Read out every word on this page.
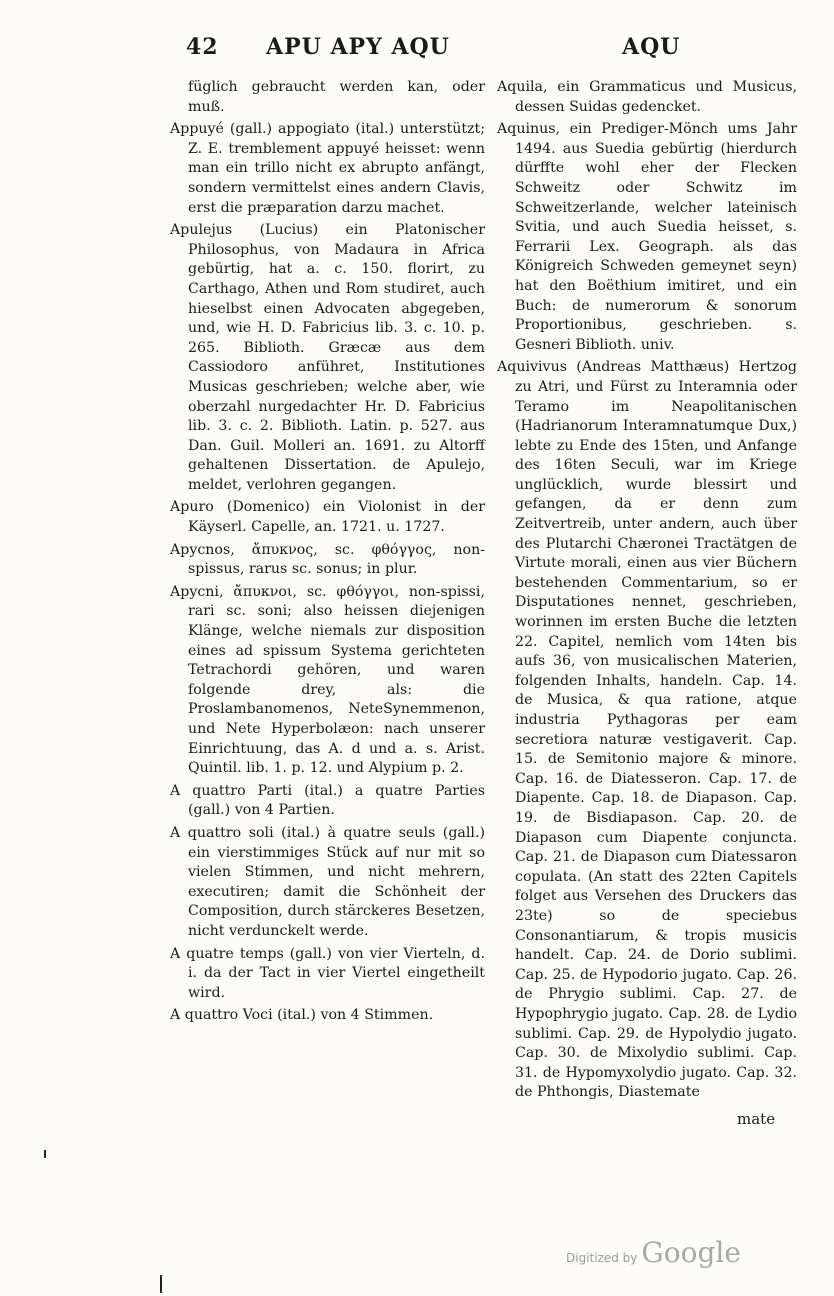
42 APU APY AQU	AQU

füglich gebraucht werden kan, oder muß.

Appuyé (gall.) appogiato (ital.) unterstützt; Z. E. tremblement appuyé heisset: wenn man ein trillo nicht ex abrupto anfängt, sondern vermittelst eines andern Clavis, erst die præparation darzu machet.

Apulejus (Lucius) ein Platonischer Philosophus, von Madaura in Africa gebürtig, hat a. c. 150. florirt, zu Carthago, Athen und Rom studiret, auch hieselbst einen Advocaten abgegeben, und, wie H. D. Fabricius lib. 3. c. 10. p. 265. Biblioth. Græcæ aus dem Cassiodoro anführet, Institutiones Musicas geschrieben; welche aber, wie oberzahl nurgedachter Hr. D. Fabricius lib. 3. c. 2. Biblioth. Latin. p. 527. aus Dan. Guil. Molleri an. 1691. zu Altorff gehaltenen Dissertation. de Apulejo, meldet, verlohren gegangen.

Apuro (Domenico) ein Violonist in der Käyserl. Capelle, an. 1721. u. 1727.

Apycnos, ἄπυκνος, sc. φθόγγος, non-spissus, rarus sc. sonus; in plur.

Apycni, ἄπυκνοι, sc. φθόγγοι, non-spissi, rari sc. soni; also heissen diejenigen Klänge, welche niemals zur disposition eines ad spissum Systema gerichteten Tetrachordi gehören, und waren folgende drey, als: die Proslambanomenos, NeteSynemmenon, und Nete Hyperbolæon: nach unserer Einrichtuung, das A. d und a. s. Arist. Quintil. lib. 1. p. 12. und Alypium p. 2.

A quattro Parti (ital.) a quatre Parties (gall.) von 4 Partien.

A quattro soli (ital.) à quatre seuls (gall.) ein vierstimmiges Stück auf nur mit so vielen Stimmen, und nicht mehrern, executiren; damit die Schönheit der Composition, durch stärckeres Besetzen, nicht verdunckelt werde.

A quatre temps (gall.) von vier Vierteln, d. i. da der Tact in vier Viertel eingetheilt wird.

A quattro Voci (ital.) von 4 Stimmen.

Aquila, ein Grammaticus und Musicus, dessen Suidas gedencket.

Aquinus, ein Prediger-Mönch ums Jahr 1494. aus Suedia gebürtig (hierdurch dürffte wohl eher der Flecken Schweitz oder Schwitz im Schweitzerlande, welcher lateinisch Svitia, und auch Suedia heisset, s. Ferrarii Lex. Geograph. als das Königreich Schweden gemeynet seyn) hat den Boëthium imitiret, und ein Buch: de numerorum & sonorum Proportionibus, geschrieben. s. Gesneri Biblioth. univ.

Aquivivus (Andreas Matthæus) Hertzog zu Atri, und Fürst zu Interamnia oder Teramo im Neapolitanischen (Hadrianorum Interamnatumque Dux,) lebte zu Ende des 15ten, und Anfange des 16ten Seculi, war im Kriege unglücklich, wurde blessirt und gefangen, da er denn zum Zeitvertreib, unter andern, auch über des Plutarchi Chæronei Tractätgen de Virtute morali, einen aus vier Büchern bestehenden Commentarium, so er Disputationes nennet, geschrieben, worinnen im ersten Buche die letzten 22. Capitel, nemlich vom 14ten bis aufs 36, von musicalischen Materien, folgenden Inhalts, handeln. Cap. 14. de Musica, & qua ratione, atque industria Pythagoras per eam secretiora naturæ vestigaverit. Cap. 15. de Semitonio majore & minore. Cap. 16. de Diatesseron. Cap. 17. de Diapente. Cap. 18. de Diapason. Cap. 19. de Bisdiapason. Cap. 20. de Diapason cum Diapente conjuncta. Cap. 21. de Diapason cum Diatessaron copulata. (An statt des 22ten Capitels folget aus Versehen des Druckers das 23te) so de speciebus Consonantiarum, & tropis musicis handelt. Cap. 24. de Dorio sublimi. Cap. 25. de Hypodorio jugato. Cap. 26. de Phrygio sublimi. Cap. 27. de Hypophrygio jugato. Cap. 28. de Lydio sublimi. Cap. 29. de Hypolydio jugato. Cap. 30. de Mixolydio sublimi. Cap. 31. de Hypomyxolydio jugato. Cap. 32. de Phthongis, Diastemate

mate
Digitized by Google
